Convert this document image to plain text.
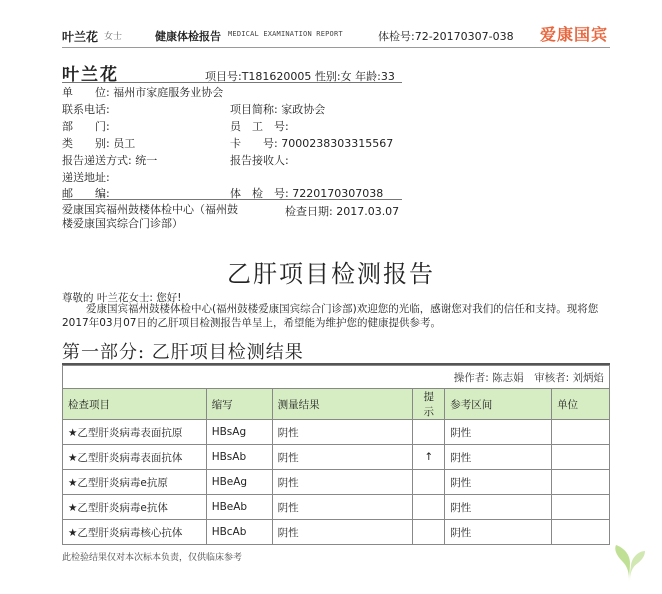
叶兰花 女士	健康体检报告 MEDICAL EXAMINATION REPORT	体检号:72-20170307-038 爱康国宾
叶兰花	项目号:T181620005 性别:女 年龄:33
单　　位: 福州市家庭服务业协会
联系电话:	项目简称: 家政协会
部　　门:	员　工　号:
类　　别: 员工	卡　　号: 7000238303315567
报告递送方式: 统一	报告接收人:
递送地址:
邮　　编:	体　检　号: 7220170307038
爱康国宾福州鼓楼体检中心（福州鼓楼爱康国宾综合门诊部）
检查日期: 2017.03.07
乙肝项目检测报告
尊敬的 叶兰花女士: 您好!
爱康国宾福州鼓楼体检中心(福州鼓楼爱康国宾综合门诊部)欢迎您的光临，感谢您对我们的信任和支持。现将您2017年03月07日的乙肝项目检测报告单呈上，希望能为维护您的健康提供参考。
第一部分: 乙肝项目检测结果
操作者: 陈志娟　审核者: 刘炳焰					
检查项目	缩写	测量结果	提示	参考区间	单位
★乙型肝炎病毒表面抗原	HBsAg	阴性		阴性	
★乙型肝炎病毒表面抗体	HBsAb	阴性	↑	阴性	
★乙型肝炎病毒e抗原	HBeAg	阴性		阴性	
★乙型肝炎病毒e抗体	HBeAb	阴性		阴性	
★乙型肝炎病毒核心抗体	HBcAb	阴性		阴性	
此检验结果仅对本次标本负责，仅供临床参考
